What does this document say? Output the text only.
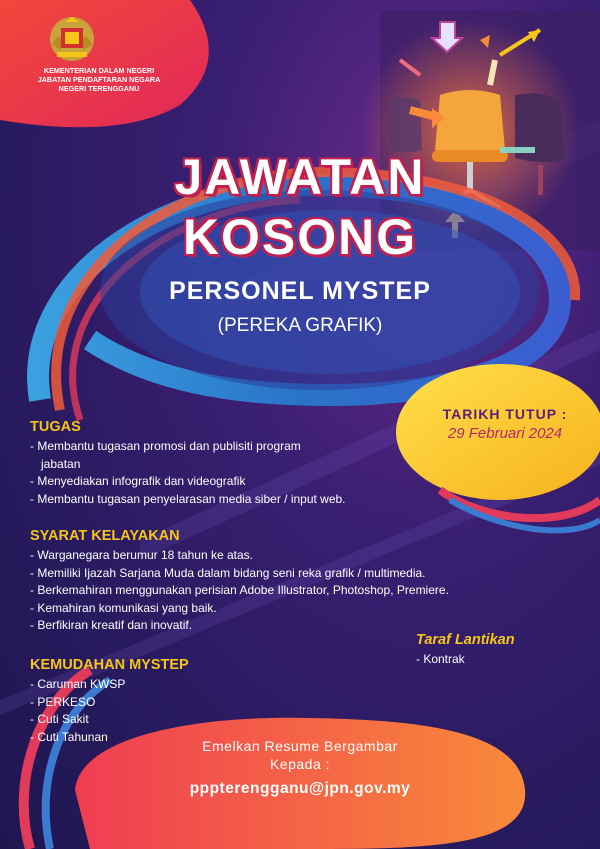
KEMENTERIAN DALAM NEGERI
JABATAN PENDAFTARAN NEGARA
NEGERI TERENGGANU
JAWATAN
KOSONG
PERSONEL MYSTEP
(PEREKA GRAFIK)
TARIKH TUTUP :
29 Februari 2024
TUGAS
- Membantu tugasan promosi dan publisiti program
jabatan
- Menyediakan infografik dan videografik
- Membantu tugasan penyelarasan media siber / input web.
SYARAT KELAYAKAN
- Warganegara berumur 18 tahun ke atas.
- Memiliki Ijazah Sarjana Muda dalam bidang seni reka grafik / multimedia.
- Berkemahiran menggunakan perisian Adobe Illustrator, Photoshop, Premiere.
- Kemahiran komunikasi yang baik.
- Berfikiran kreatif dan inovatif.
Taraf Lantikan
- Kontrak
KEMUDAHAN MYSTEP
- Caruman KWSP
- PERKESO
- Cuti Sakit
- Cuti Tahunan
Emelkan Resume Bergambar
Kepada :
pppterengganu@jpn.gov.my
